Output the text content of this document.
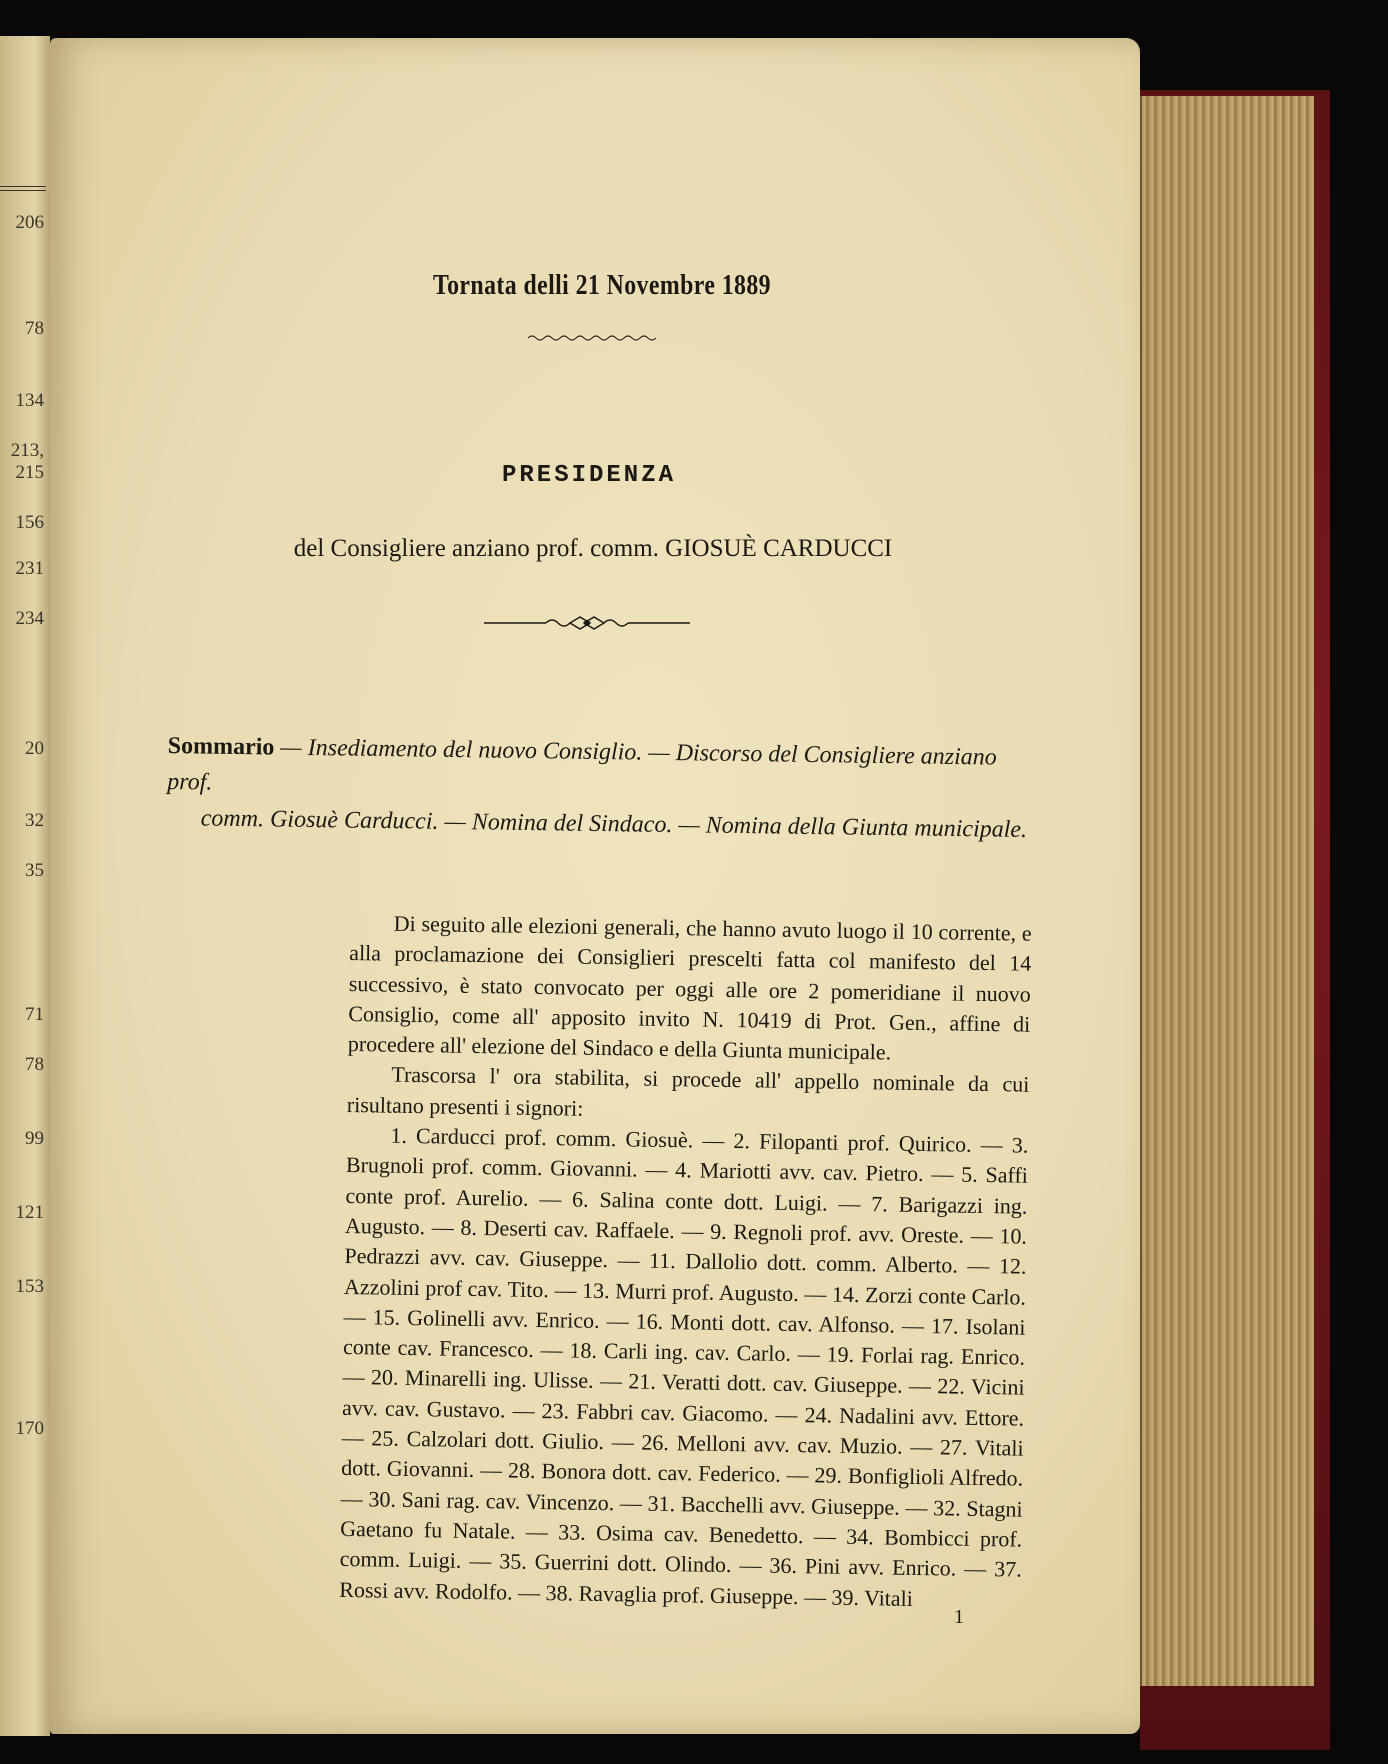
206
78
134
213,
215
156
231
234
20
32
35
71
78
99
121
153
170
Tornata delli 21 Novembre 1889
PRESIDENZA
del Consigliere anziano prof. comm. GIOSUÈ CARDUCCI
Sommario — Insediamento del nuovo Consiglio. — Discorso del Consigliere anziano prof.
comm. Giosuè Carducci. — Nomina del Sindaco. — Nomina della Giunta municipale.

Di seguito alle elezioni generali, che hanno avuto luogo il 10 corrente, e alla proclamazione dei Consiglieri prescelti fatta col manifesto del 14 successivo, è stato convocato per oggi alle ore 2 pomeridiane il nuovo Consiglio, come all' apposito invito N. 10419 di Prot. Gen., affine di procedere all' elezione del Sindaco e della Giunta municipale.

Trascorsa l' ora stabilita, si procede all' appello nominale da cui risultano presenti i signori:

1. Carducci prof. comm. Giosuè. — 2. Filopanti prof. Quirico. — 3. Brugnoli prof. comm. Giovanni. — 4. Mariotti avv. cav. Pietro. — 5. Saffi conte prof. Aurelio. — 6. Salina conte dott. Luigi. — 7. Barigazzi ing. Augusto. — 8. Deserti cav. Raffaele. — 9. Regnoli prof. avv. Oreste. — 10. Pedrazzi avv. cav. Giuseppe. — 11. Dallolio dott. comm. Alberto. — 12. Azzolini prof cav. Tito. — 13. Murri prof. Augusto. — 14. Zorzi conte Carlo. — 15. Golinelli avv. Enrico. — 16. Monti dott. cav. Alfonso. — 17. Isolani conte cav. Francesco. — 18. Carli ing. cav. Carlo. — 19. Forlai rag. Enrico. — 20. Minarelli ing. Ulisse. — 21. Veratti dott. cav. Giuseppe. — 22. Vicini avv. cav. Gustavo. — 23. Fabbri cav. Giacomo. — 24. Nadalini avv. Ettore. — 25. Calzolari dott. Giulio. — 26. Melloni avv. cav. Muzio. — 27. Vitali dott. Giovanni. — 28. Bonora dott. cav. Federico. — 29. Bonfiglioli Alfredo. — 30. Sani rag. cav. Vincenzo. — 31. Bacchelli avv. Giuseppe. — 32. Stagni Gaetano fu Natale. — 33. Osima cav. Benedetto. — 34. Bombicci prof. comm. Luigi. — 35. Guerrini dott. Olindo. — 36. Pini avv. Enrico. — 37. Rossi avv. Rodolfo. — 38. Ravaglia prof. Giuseppe. — 39. Vitali

1
